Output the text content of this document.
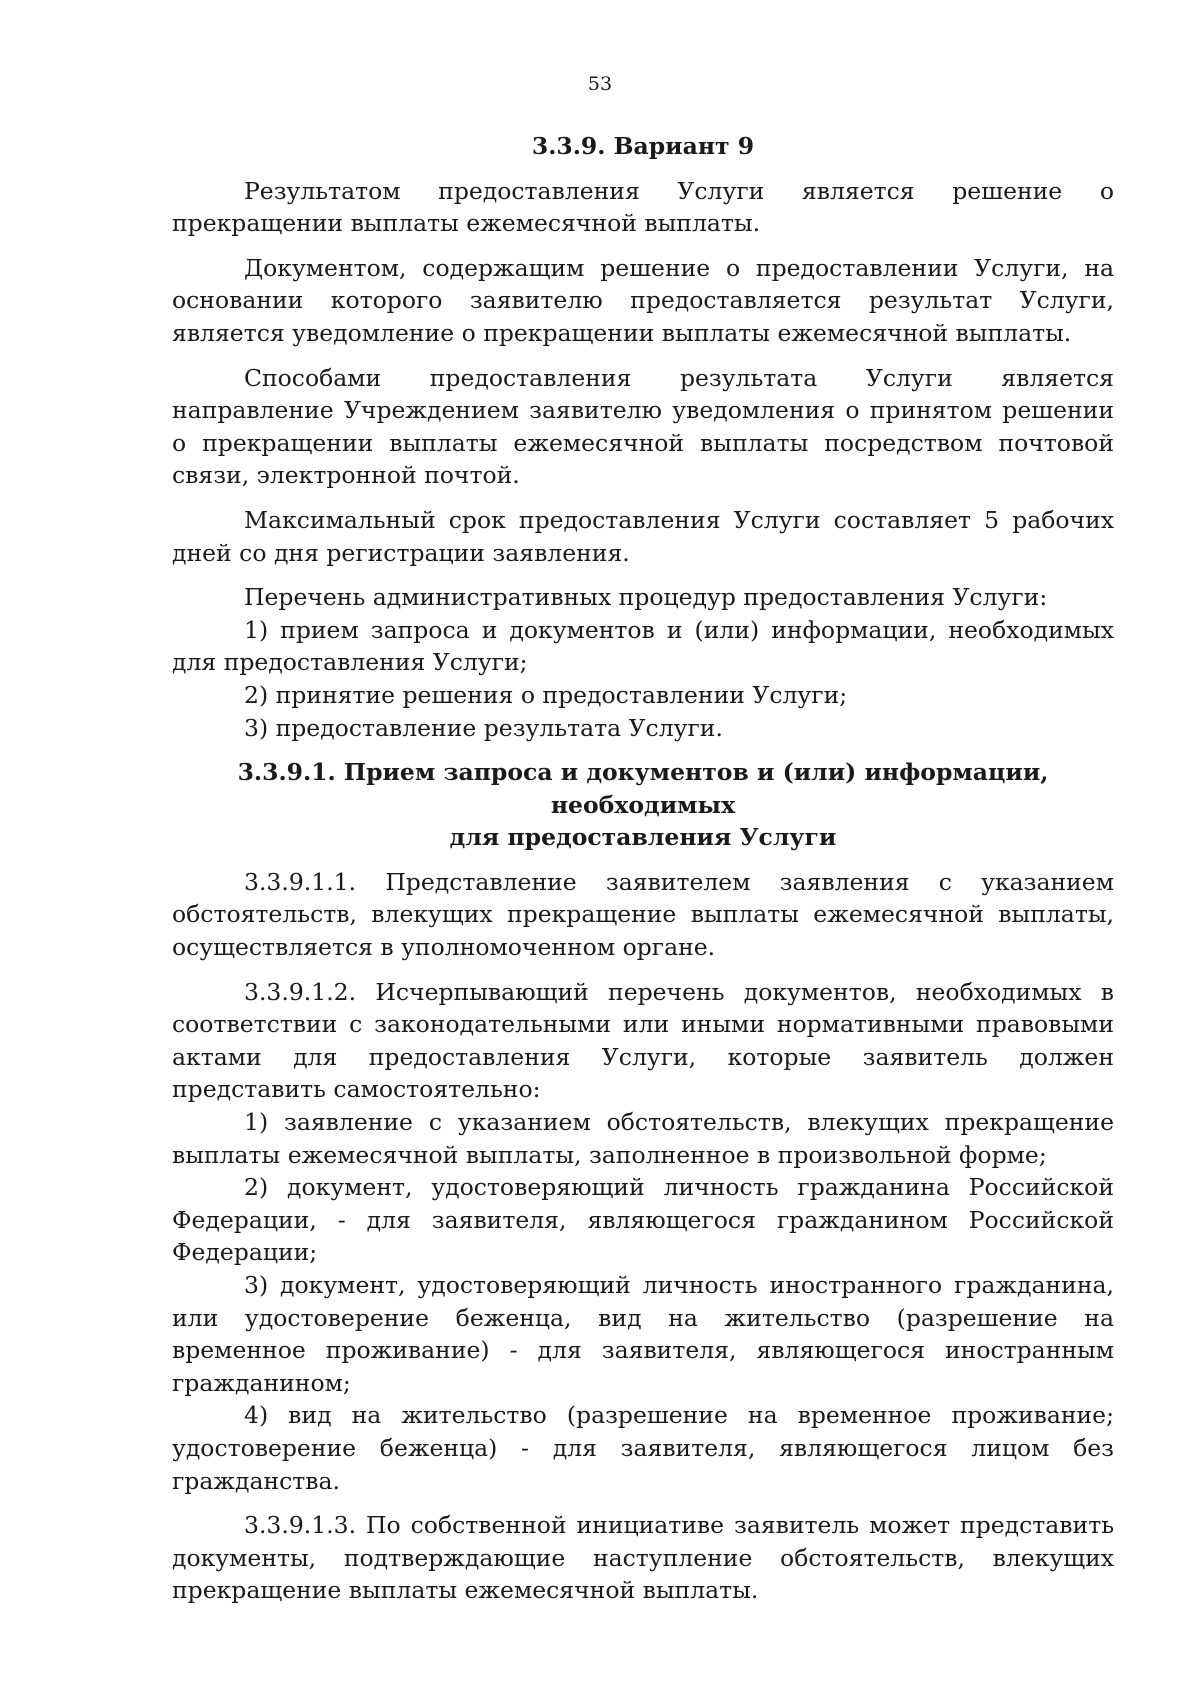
53
3.3.9. Вариант 9

Результатом предоставления Услуги является решение о прекращении выплаты ежемесячной выплаты.

Документом, содержащим решение о предоставлении Услуги, на основании которого заявителю предоставляется результат Услуги, является уведомление о прекращении выплаты ежемесячной выплаты.

Способами предоставления результата Услуги является направление Учреждением заявителю уведомления о принятом решении о прекращении выплаты ежемесячной выплаты посредством почтовой связи, электронной почтой.

Максимальный срок предоставления Услуги составляет 5 рабочих дней со дня регистрации заявления.

Перечень административных процедур предоставления Услуги:

1) прием запроса и документов и (или) информации, необходимых для предоставления Услуги;

2) принятие решения о предоставлении Услуги;

3) предоставление результата Услуги.

3.3.9.1. Прием запроса и документов и (или) информации, необходимых
для предоставления Услуги

3.3.9.1.1. Представление заявителем заявления с указанием обстоятельств, влекущих прекращение выплаты ежемесячной выплаты, осуществляется в уполномоченном органе.

3.3.9.1.2. Исчерпывающий перечень документов, необходимых в соответствии с законодательными или иными нормативными правовыми актами для предоставления Услуги, которые заявитель должен представить самостоятельно:

1) заявление с указанием обстоятельств, влекущих прекращение выплаты ежемесячной выплаты, заполненное в произвольной форме;

2) документ, удостоверяющий личность гражданина Российской Федерации, - для заявителя, являющегося гражданином Российской Федерации;

3) документ, удостоверяющий личность иностранного гражданина, или удостоверение беженца, вид на жительство (разрешение на временное проживание) - для заявителя, являющегося иностранным гражданином;

4) вид на жительство (разрешение на временное проживание; удостоверение беженца) - для заявителя, являющегося лицом без гражданства.

3.3.9.1.3. По собственной инициативе заявитель может представить документы, подтверждающие наступление обстоятельств, влекущих прекращение выплаты ежемесячной выплаты.
